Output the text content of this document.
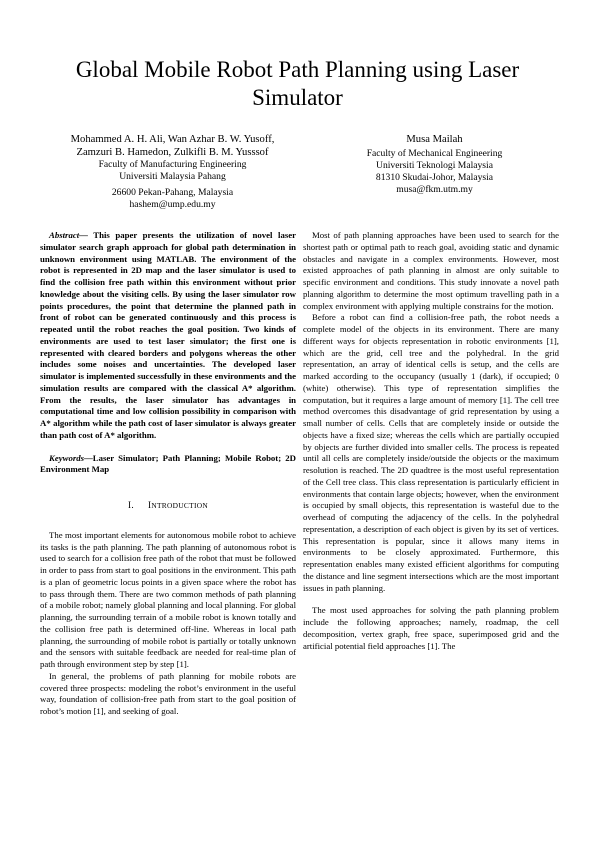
Global Mobile Robot Path Planning using Laser Simulator
Mohammed A. H. Ali, Wan Azhar B. W. Yusoff,
Zamzuri B. Hamedon, Zulkifli B. M. Yusssof
Faculty of Manufacturing Engineering
Universiti Malaysia Pahang
26600 Pekan-Pahang, Malaysia
hashem@ump.edu.my
Musa Mailah
Faculty of Mechanical Engineering
Universiti Teknologi Malaysia
81310 Skudai-Johor, Malaysia
musa@fkm.utm.my

Abstract— This paper presents the utilization of novel laser simulator search graph approach for global path determination in unknown environment using MATLAB. The environment of the robot is represented in 2D map and the laser simulator is used to find the collision free path within this environment without prior knowledge about the visiting cells. By using the laser simulator row points procedures, the point that determine the planned path in front of robot can be generated continuously and this process is repeated until the robot reaches the goal position. Two kinds of environments are used to test laser simulator; the first one is represented with cleared borders and polygons whereas the other includes some noises and uncertainties. The developed laser simulator is implemented successfully in these environments and the simulation results are compared with the classical A* algorithm. From the results, the laser simulator has advantages in computational time and low collision possibility in comparison with A* algorithm while the path cost of laser simulator is always greater than path cost of A* algorithm.

Keywords—Laser Simulator; Path Planning; Mobile Robot; 2D Environment Map

I. INTRODUCTION

The most important elements for autonomous mobile robot to achieve its tasks is the path planning. The path planning of autonomous robot is used to search for a collision free path of the robot that must be followed in order to pass from start to goal positions in the environment. This path is a plan of geometric locus points in a given space where the robot has to pass through them. There are two common methods of path planning of a mobile robot; namely global planning and local planning. For global planning, the surrounding terrain of a mobile robot is known totally and the collision free path is determined off-line. Whereas in local path planning, the surrounding of mobile robot is partially or totally unknown and the sensors with suitable feedback are needed for real-time plan of path through environment step by step [1].

In general, the problems of path planning for mobile robots are covered three prospects: modeling the robot’s environment in the useful way, foundation of collision-free path from start to the goal position of robot’s motion [1], and seeking of goal.

Most of path planning approaches have been used to search for the shortest path or optimal path to reach goal, avoiding static and dynamic obstacles and navigate in a complex environments. However, most existed approaches of path planning in almost are only suitable to specific environment and conditions. This study innovate a novel path planning algorithm to determine the most optimum travelling path in a complex environment with applying multiple constrains for the motion.

Before a robot can find a collision-free path, the robot needs a complete model of the objects in its environment. There are many different ways for objects representation in robotic environments [1], which are the grid, cell tree and the polyhedral. In the grid representation, an array of identical cells is setup, and the cells are marked according to the occupancy (usually 1 (dark), if occupied; 0 (white) otherwise). This type of representation simplifies the computation, but it requires a large amount of memory [1]. The cell tree method overcomes this disadvantage of grid representation by using a small number of cells. Cells that are completely inside or outside the objects have a fixed size; whereas the cells which are partially occupied by objects are further divided into smaller cells. The process is repeated until all cells are completely inside/outside the objects or the maximum resolution is reached. The 2D quadtree is the most useful representation of the Cell tree class. This class representation is particularly efficient in environments that contain large objects; however, when the environment is occupied by small objects, this representation is wasteful due to the overhead of computing the adjacency of the cells. In the polyhedral representation, a description of each object is given by its set of vertices. This representation is popular, since it allows many items in environments to be closely approximated. Furthermore, this representation enables many existed efficient algorithms for computing the distance and line segment intersections which are the most important issues in path planning.

The most used approaches for solving the path planning problem include the following approaches; namely, roadmap, the cell decomposition, vertex graph, free space, superimposed grid and the artificial potential field approaches [1]. The
